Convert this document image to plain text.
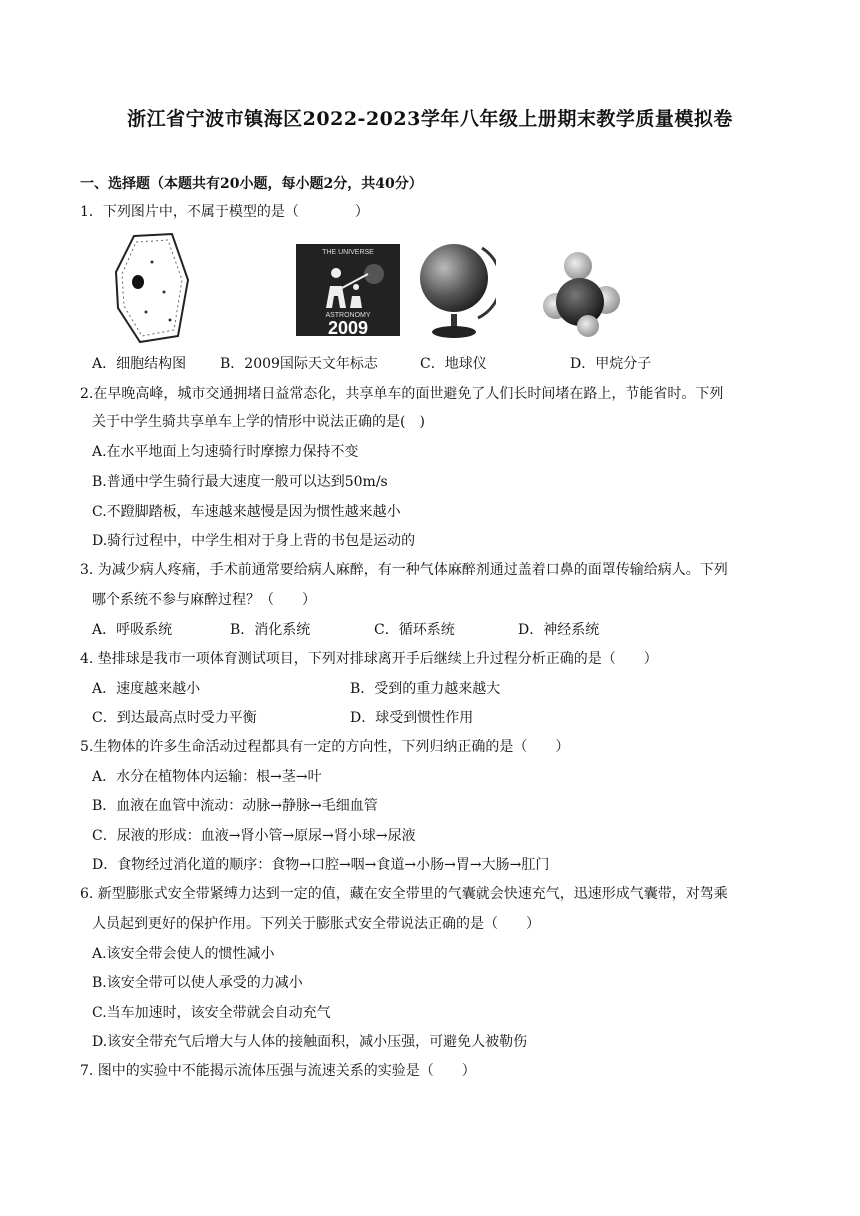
浙江省宁波市镇海区2022-2023学年八年级上册期末教学质量模拟卷
一、选择题（本题共有20小题，每小题2分，共40分）
1．下列图片中，不属于模型的是（　　　　）
THE UNIVERSE
ASTRONOMY
2009
A．细胞结构图 B．2009国际天文年标志	C．地球仪	D．甲烷分子
2.在早晚高峰，城市交通拥堵日益常态化，共享单车的面世避免了人们长时间堵在路上，节能省时。下列
关于中学生骑共享单车上学的情形中说法正确的是(　)
A.在水平地面上匀速骑行时摩擦力保持不变
B.普通中学生骑行最大速度一般可以达到50m/s
C.不蹬脚踏板，车速越来越慢是因为惯性越来越小
D.骑行过程中，中学生相对于身上背的书包是运动的
3. 为减少病人疼痛，手术前通常要给病人麻醉，有一种气体麻醉剂通过盖着口鼻的面罩传输给病人。下列
哪个系统不参与麻醉过程？（　　）
A．呼吸系统	B．消化系统	C．循环系统	D．神经系统
4. 垫排球是我市一项体育测试项目，下列对排球离开手后继续上升过程分析正确的是（　　）
A．速度越来越小	B．受到的重力越来越大
C．到达最高点时受力平衡	D．球受到惯性作用
5.生物体的许多生命活动过程都具有一定的方向性，下列归纳正确的是（　　）
A．水分在植物体内运输：根→茎→叶
B．血液在血管中流动：动脉→静脉→毛细血管
C．尿液的形成：血液→肾小管→原尿→肾小球→尿液
D．食物经过消化道的顺序：食物→口腔→咽→食道→小肠→胃→大肠→肛门
6. 新型膨胀式安全带紧缚力达到一定的值，藏在安全带里的气囊就会快速充气，迅速形成气囊带，对驾乘
人员起到更好的保护作用。下列关于膨胀式安全带说法正确的是（　　）
A.该安全带会使人的惯性减小
B.该安全带可以使人承受的力减小
C.当车加速时，该安全带就会自动充气
D.该安全带充气后增大与人体的接触面积，减小压强，可避免人被勒伤
7. 图中的实验中不能揭示流体压强与流速关系的实验是（　　）
